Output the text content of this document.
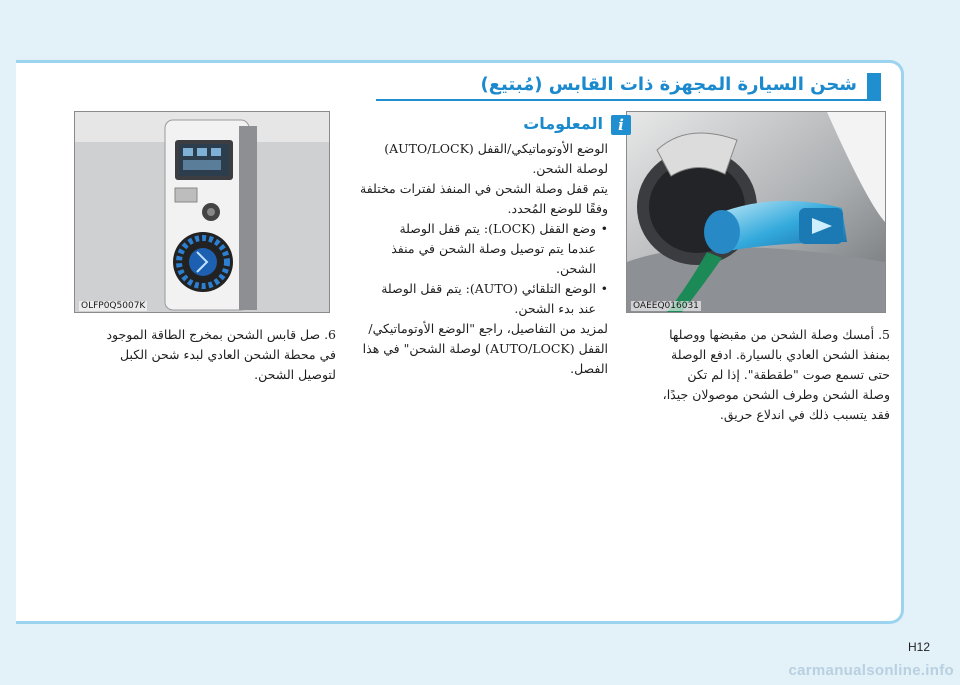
شحن السيارة المجهزة ذات القابس (مُبتيع)
OAEEQ016031

5. أمسك وصلة الشحن من مقبضها ووصلها

بمنفذ الشحن العادي بالسيارة. ادفع الوصلة

حتى تسمع صوت "طقطقة". إذا لم تكن

وصلة الشحن وطرف الشحن موصولان جيدًا،

فقد يتسبب ذلك في اندلاع حريق.

i
المعلومات

الوضع الأوتوماتيكي/القفل (AUTO/LOCK)

لوصلة الشحن.

يتم قفل وصلة الشحن في المنفذ لفترات مختلفة

وفقًا للوضع المُحدد.

• وضع القفل (LOCK): يتم قفل الوصلة

عندما يتم توصيل وصلة الشحن في منفذ

الشحن.

• الوضع التلقائي (AUTO): يتم قفل الوصلة

عند بدء الشحن.

لمزيد من التفاصيل، راجع "الوضع الأوتوماتيكي/

القفل (AUTO/LOCK) لوصلة الشحن" في هذا

الفصل.

OLFP0Q5007K

6. صل قابس الشحن بمخرج الطاقة الموجود

في محطة الشحن العادي لبدء شحن الكبل

لتوصيل الشحن.

H12
carmanualsonline.info
